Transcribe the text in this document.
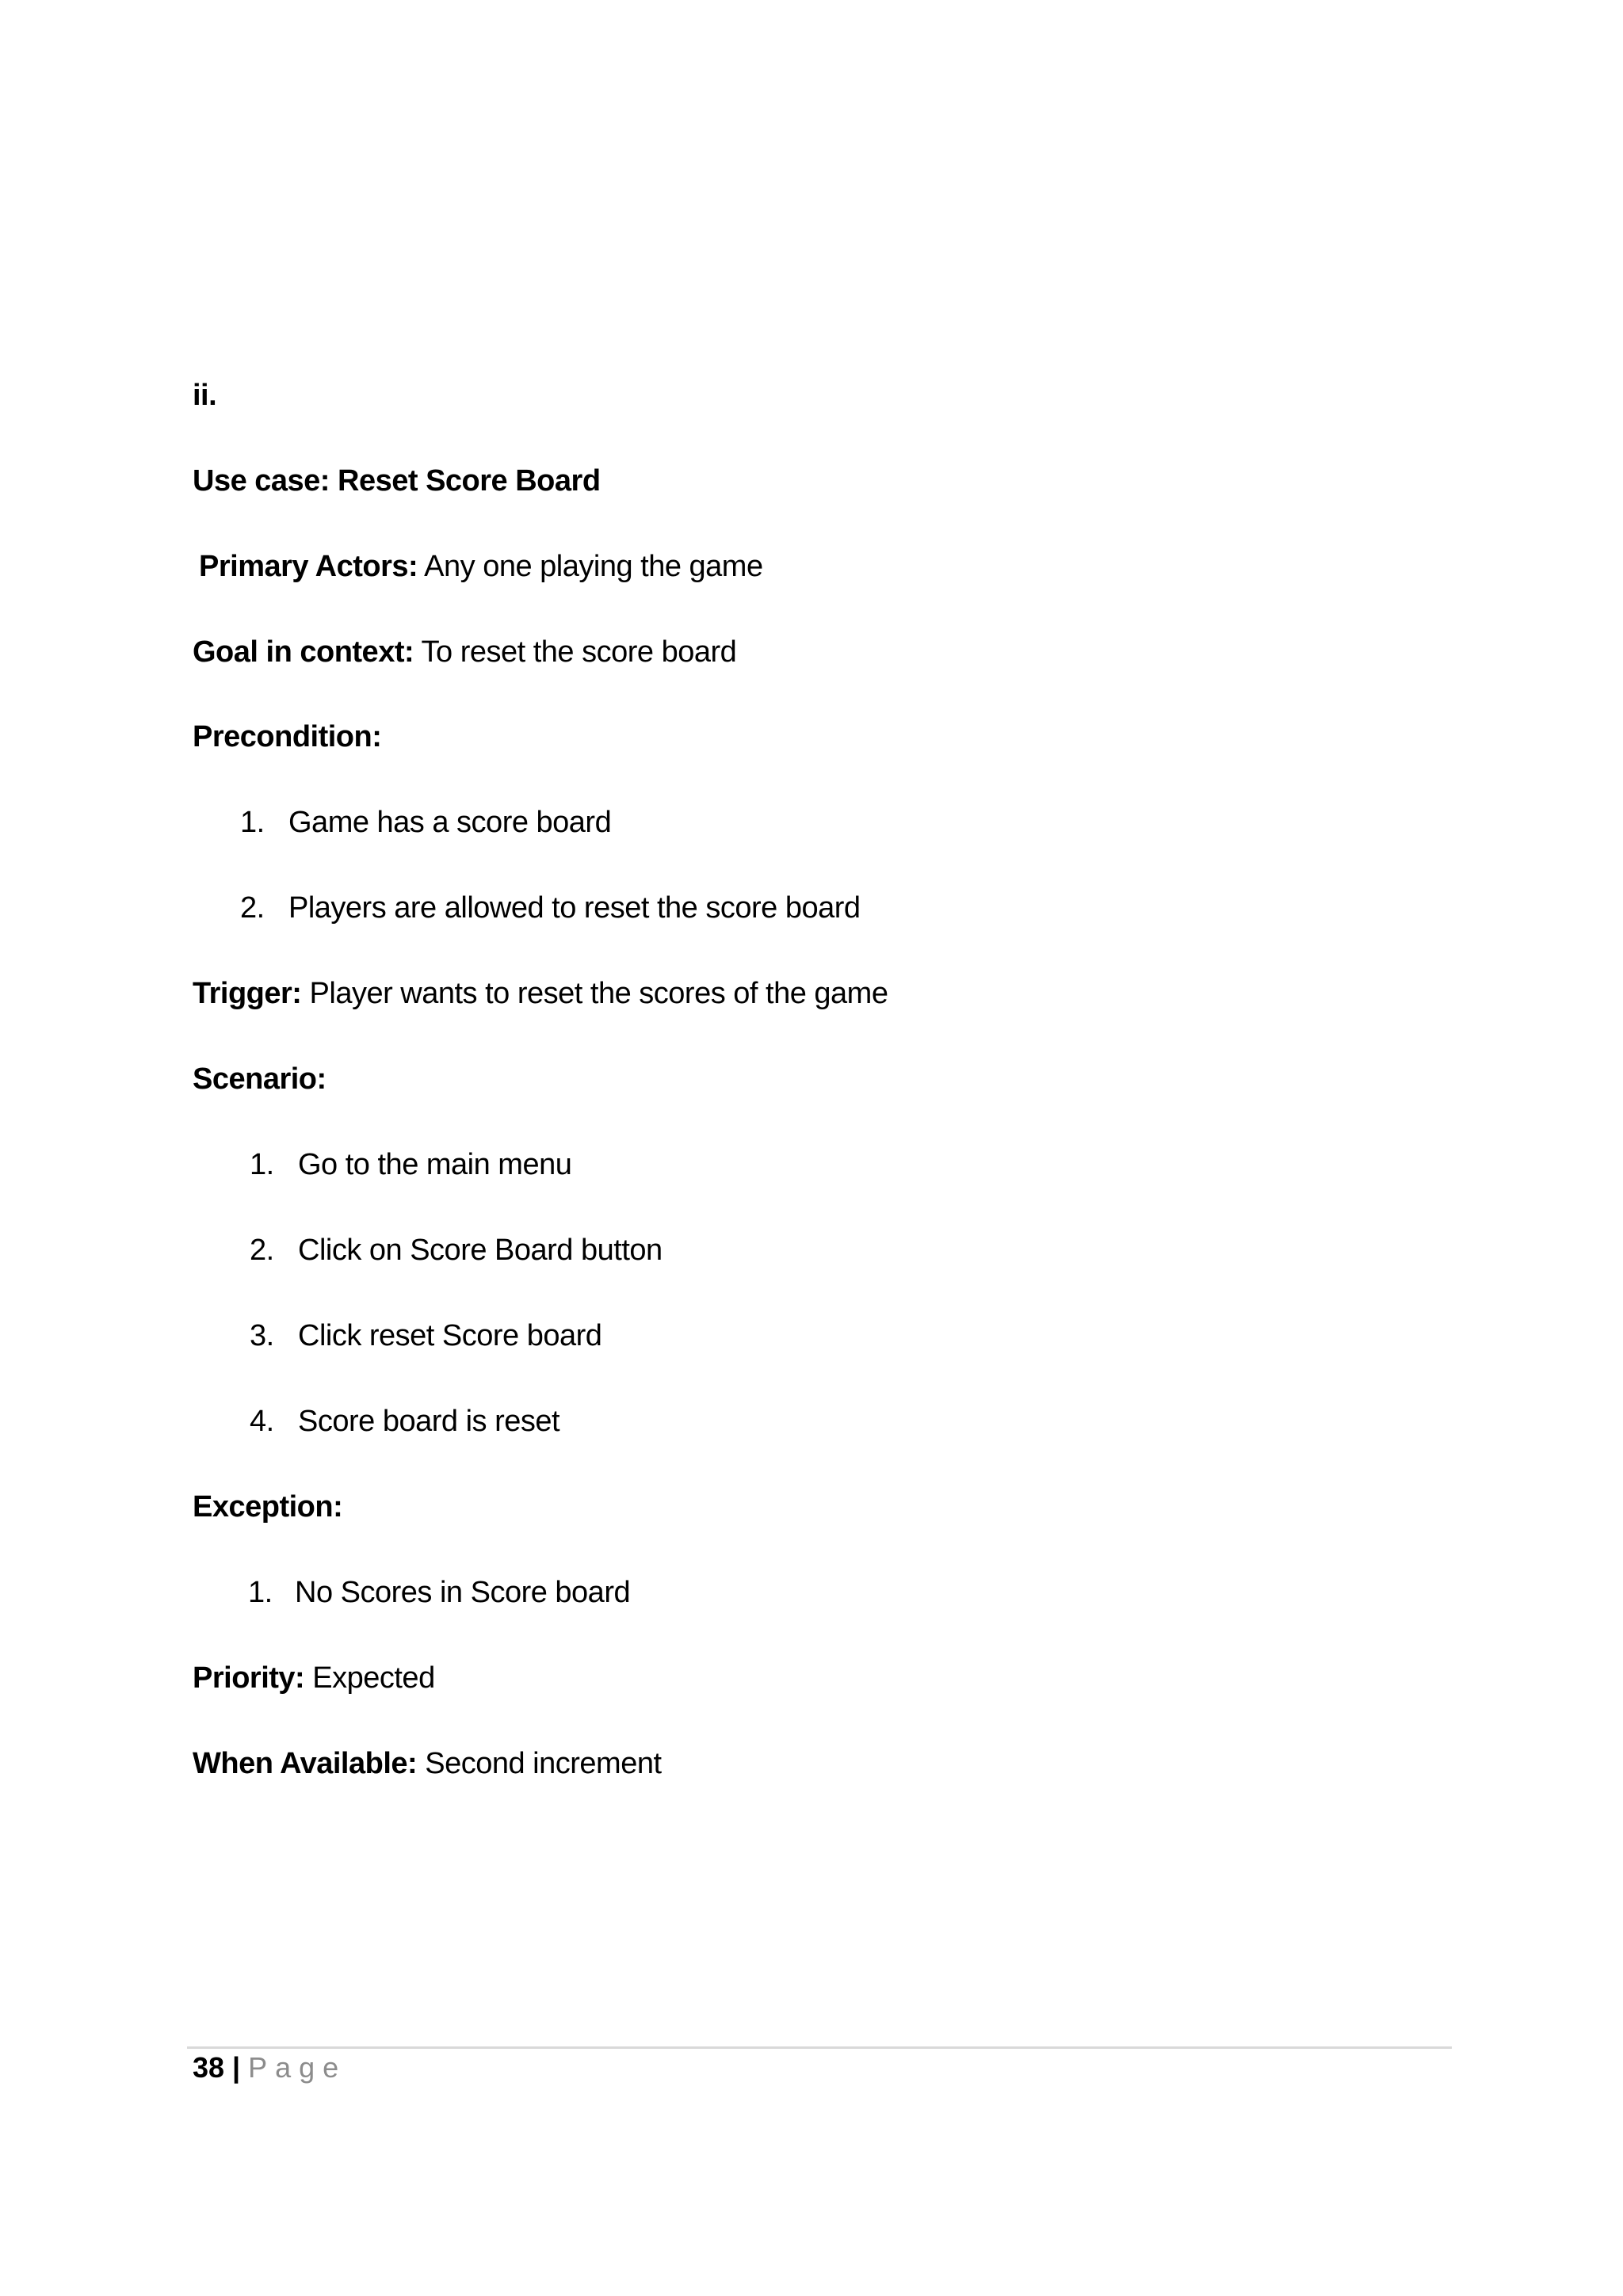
ii.
Use case: Reset Score Board
Primary Actors: Any one playing the game
Goal in context: To reset the score board
Precondition:
1. Game has a score board
2. Players are allowed to reset the score board
Trigger: Player wants to reset the scores of the game
Scenario:
1. Go to the main menu
2. Click on Score Board button
3. Click reset Score board
4. Score board is reset
Exception:
1. No Scores in Score board
Priority: Expected
When Available: Second increment
38 | Page
